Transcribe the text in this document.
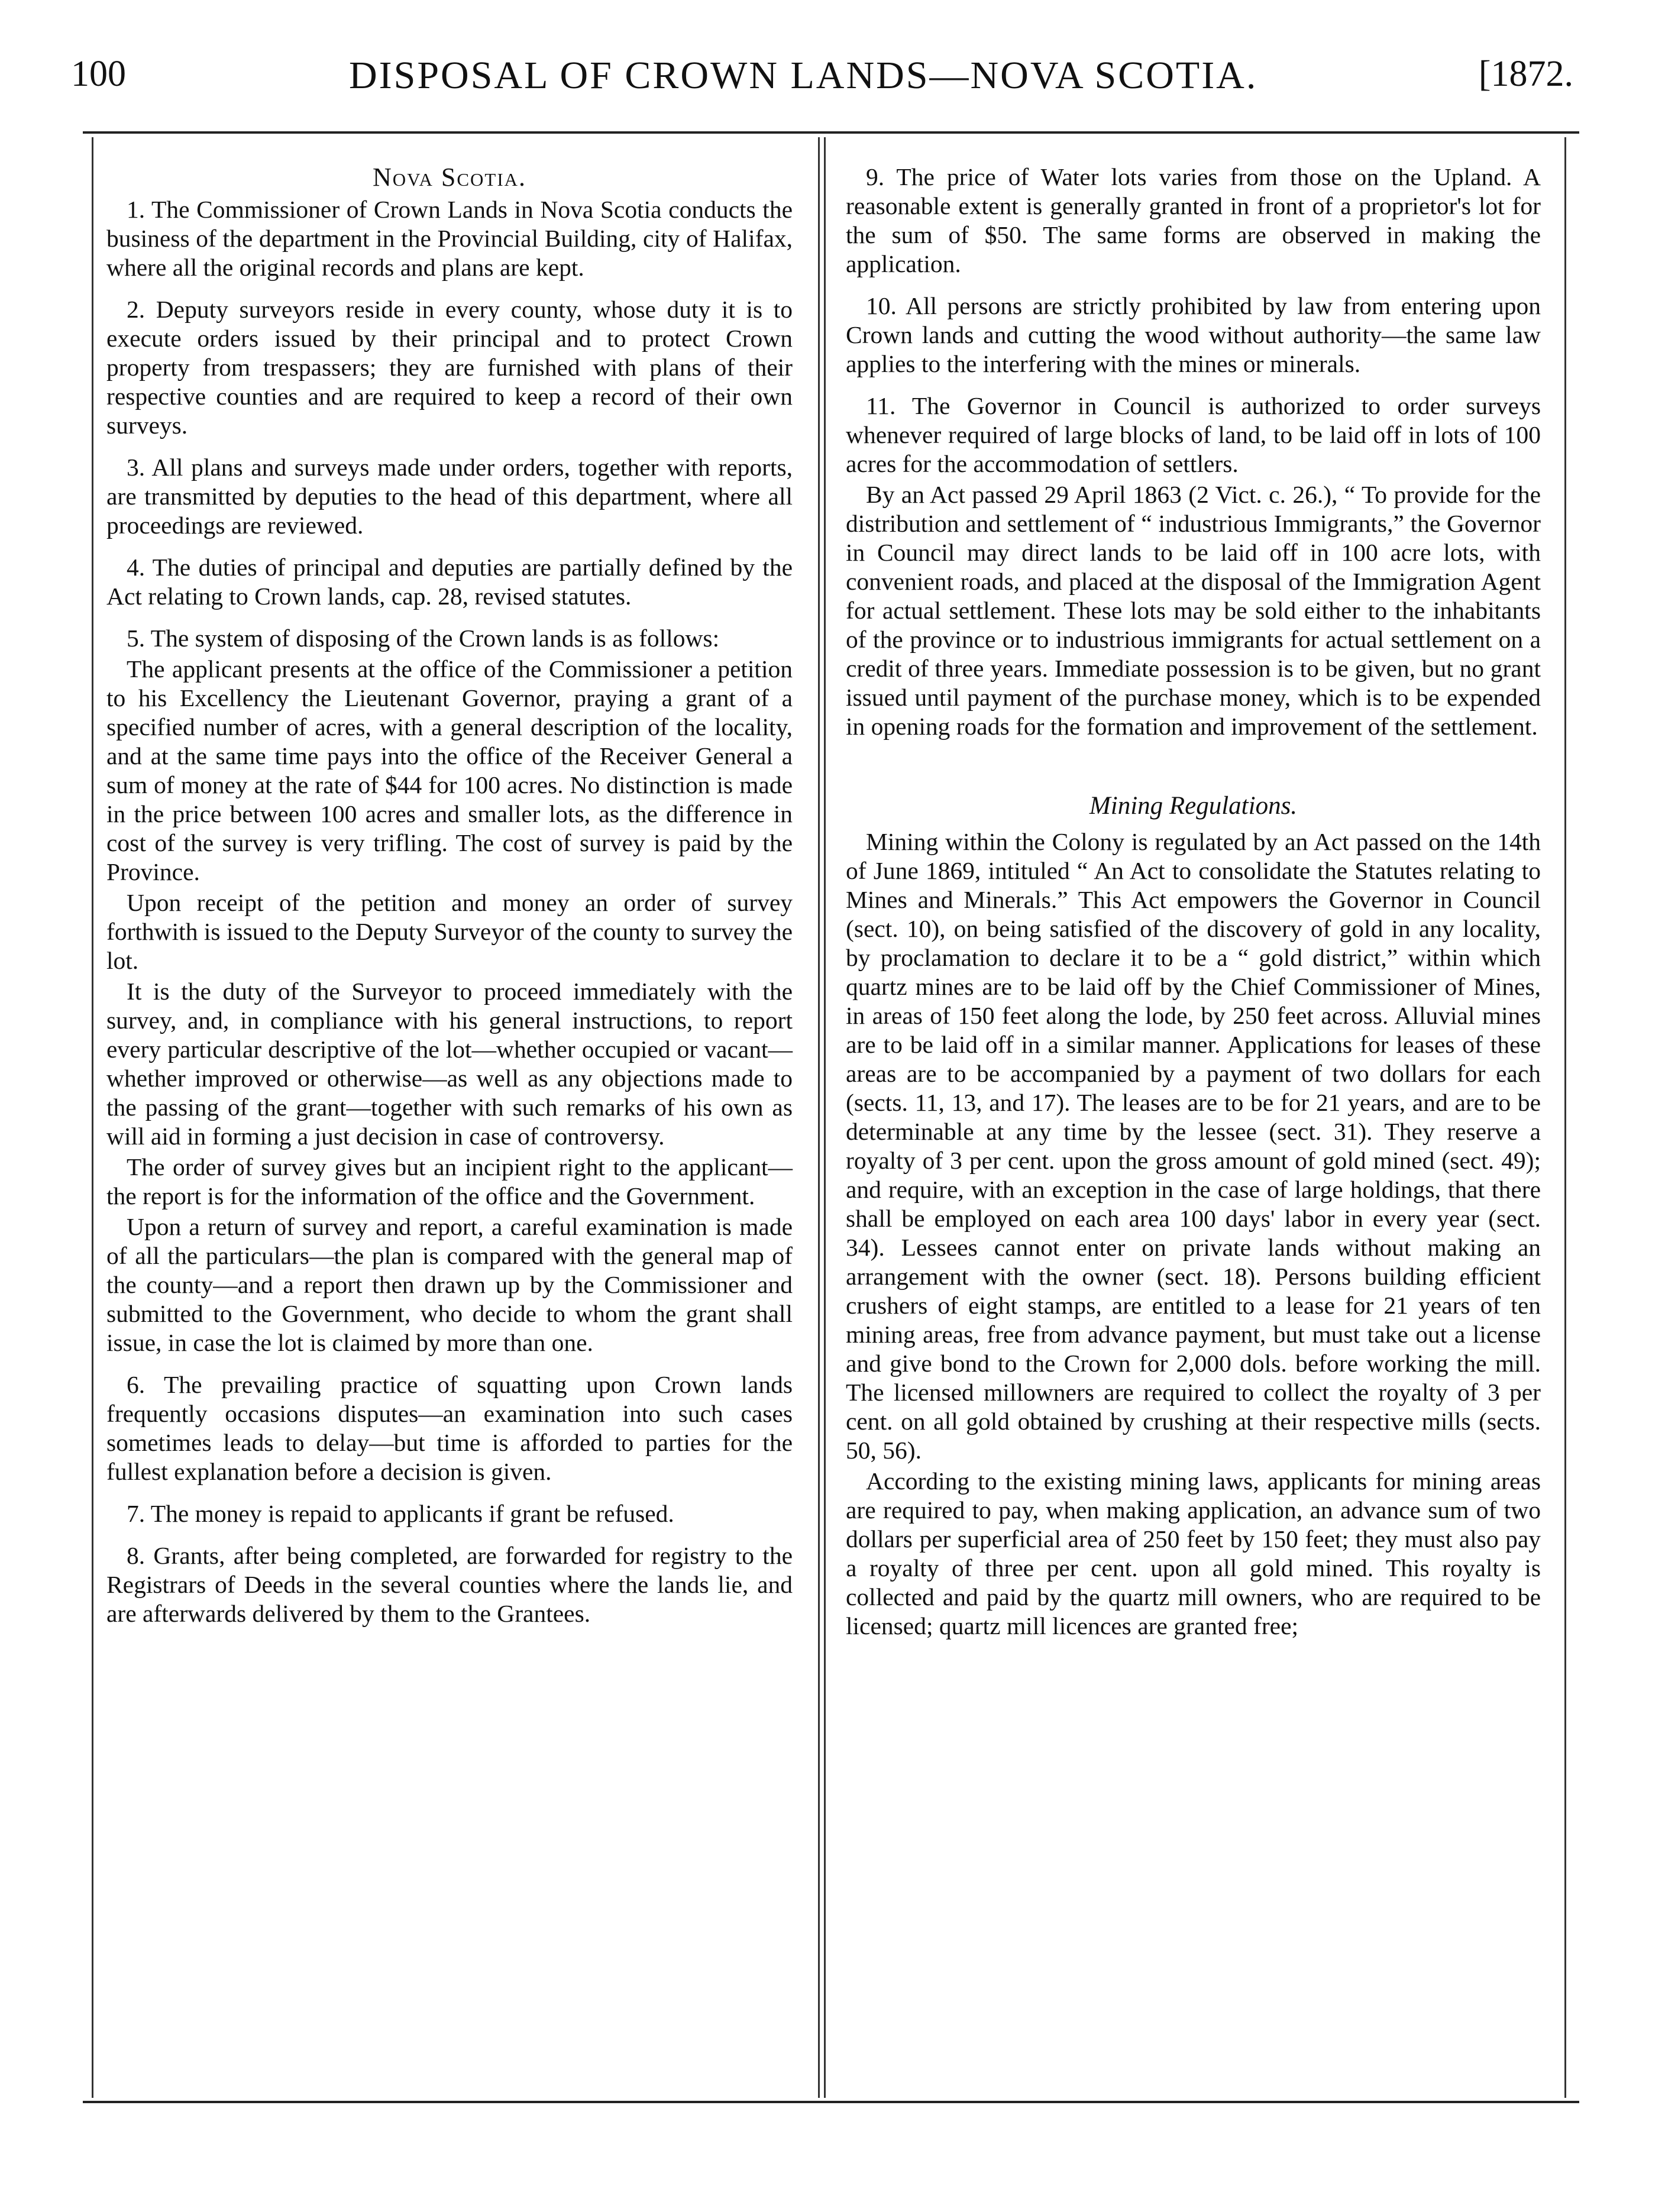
100	DISPOSAL OF CROWN LANDS—NOVA SCOTIA.	[1872.
Nova Scotia.

1. The Commissioner of Crown Lands in Nova Scotia conducts the business of the department in the Provincial Building, city of Halifax, where all the original records and plans are kept.

2. Deputy surveyors reside in every county, whose duty it is to execute orders issued by their principal and to protect Crown property from trespassers; they are furnished with plans of their respective counties and are required to keep a record of their own surveys.

3. All plans and surveys made under orders, together with reports, are transmitted by deputies to the head of this department, where all proceedings are reviewed.

4. The duties of principal and deputies are partially defined by the Act relating to Crown lands, cap. 28, revised statutes.

5. The system of disposing of the Crown lands is as follows:

The applicant presents at the office of the Commissioner a petition to his Excellency the Lieutenant Governor, praying a grant of a specified number of acres, with a general description of the locality, and at the same time pays into the office of the Receiver General a sum of money at the rate of $44 for 100 acres. No distinction is made in the price between 100 acres and smaller lots, as the difference in cost of the survey is very trifling. The cost of survey is paid by the Province.

Upon receipt of the petition and money an order of survey forthwith is issued to the Deputy Surveyor of the county to survey the lot.

It is the duty of the Surveyor to proceed immediately with the survey, and, in compliance with his general instructions, to report every particular descriptive of the lot—whether occupied or vacant—whether improved or otherwise—as well as any objections made to the passing of the grant—together with such remarks of his own as will aid in forming a just decision in case of controversy.

The order of survey gives but an incipient right to the applicant—the report is for the information of the office and the Government.

Upon a return of survey and report, a careful examination is made of all the particulars—the plan is compared with the general map of the county—and a report then drawn up by the Commissioner and submitted to the Government, who decide to whom the grant shall issue, in case the lot is claimed by more than one.

6. The prevailing practice of squatting upon Crown lands frequently occasions disputes—an examination into such cases sometimes leads to delay—but time is afforded to parties for the fullest explanation before a decision is given.

7. The money is repaid to applicants if grant be refused.

8. Grants, after being completed, are forwarded for registry to the Registrars of Deeds in the several counties where the lands lie, and are afterwards delivered by them to the Grantees.

9. The price of Water lots varies from those on the Upland. A reasonable extent is generally granted in front of a proprietor's lot for the sum of $50. The same forms are observed in making the application.

10. All persons are strictly prohibited by law from entering upon Crown lands and cutting the wood without authority—the same law applies to the interfering with the mines or minerals.

11. The Governor in Council is authorized to order surveys whenever required of large blocks of land, to be laid off in lots of 100 acres for the accommodation of settlers.

By an Act passed 29 April 1863 (2 Vict. c. 26.), “ To provide for the distribution and settlement of “ industrious Immigrants,” the Governor in Council may direct lands to be laid off in 100 acre lots, with convenient roads, and placed at the disposal of the Immigration Agent for actual settlement. These lots may be sold either to the inhabitants of the province or to industrious immigrants for actual settlement on a credit of three years. Immediate possession is to be given, but no grant issued until payment of the purchase money, which is to be expended in opening roads for the formation and improvement of the settlement.

Mining Regulations.

Mining within the Colony is regulated by an Act passed on the 14th of June 1869, intituled “ An Act to consolidate the Statutes relating to Mines and Minerals.” This Act empowers the Governor in Council (sect. 10), on being satisfied of the discovery of gold in any locality, by proclamation to declare it to be a “ gold district,” within which quartz mines are to be laid off by the Chief Commissioner of Mines, in areas of 150 feet along the lode, by 250 feet across. Alluvial mines are to be laid off in a similar manner. Applications for leases of these areas are to be accompanied by a payment of two dollars for each (sects. 11, 13, and 17). The leases are to be for 21 years, and are to be determinable at any time by the lessee (sect. 31). They reserve a royalty of 3 per cent. upon the gross amount of gold mined (sect. 49); and require, with an exception in the case of large holdings, that there shall be employed on each area 100 days' labor in every year (sect. 34). Lessees cannot enter on private lands without making an arrangement with the owner (sect. 18). Persons building efficient crushers of eight stamps, are entitled to a lease for 21 years of ten mining areas, free from advance payment, but must take out a license and give bond to the Crown for 2,000 dols. before working the mill. The licensed millowners are required to collect the royalty of 3 per cent. on all gold obtained by crushing at their respective mills (sects. 50, 56).

According to the existing mining laws, applicants for mining areas are required to pay, when making application, an advance sum of two dollars per superficial area of 250 feet by 150 feet; they must also pay a royalty of three per cent. upon all gold mined. This royalty is collected and paid by the quartz mill owners, who are required to be licensed; quartz mill licences are granted free;
